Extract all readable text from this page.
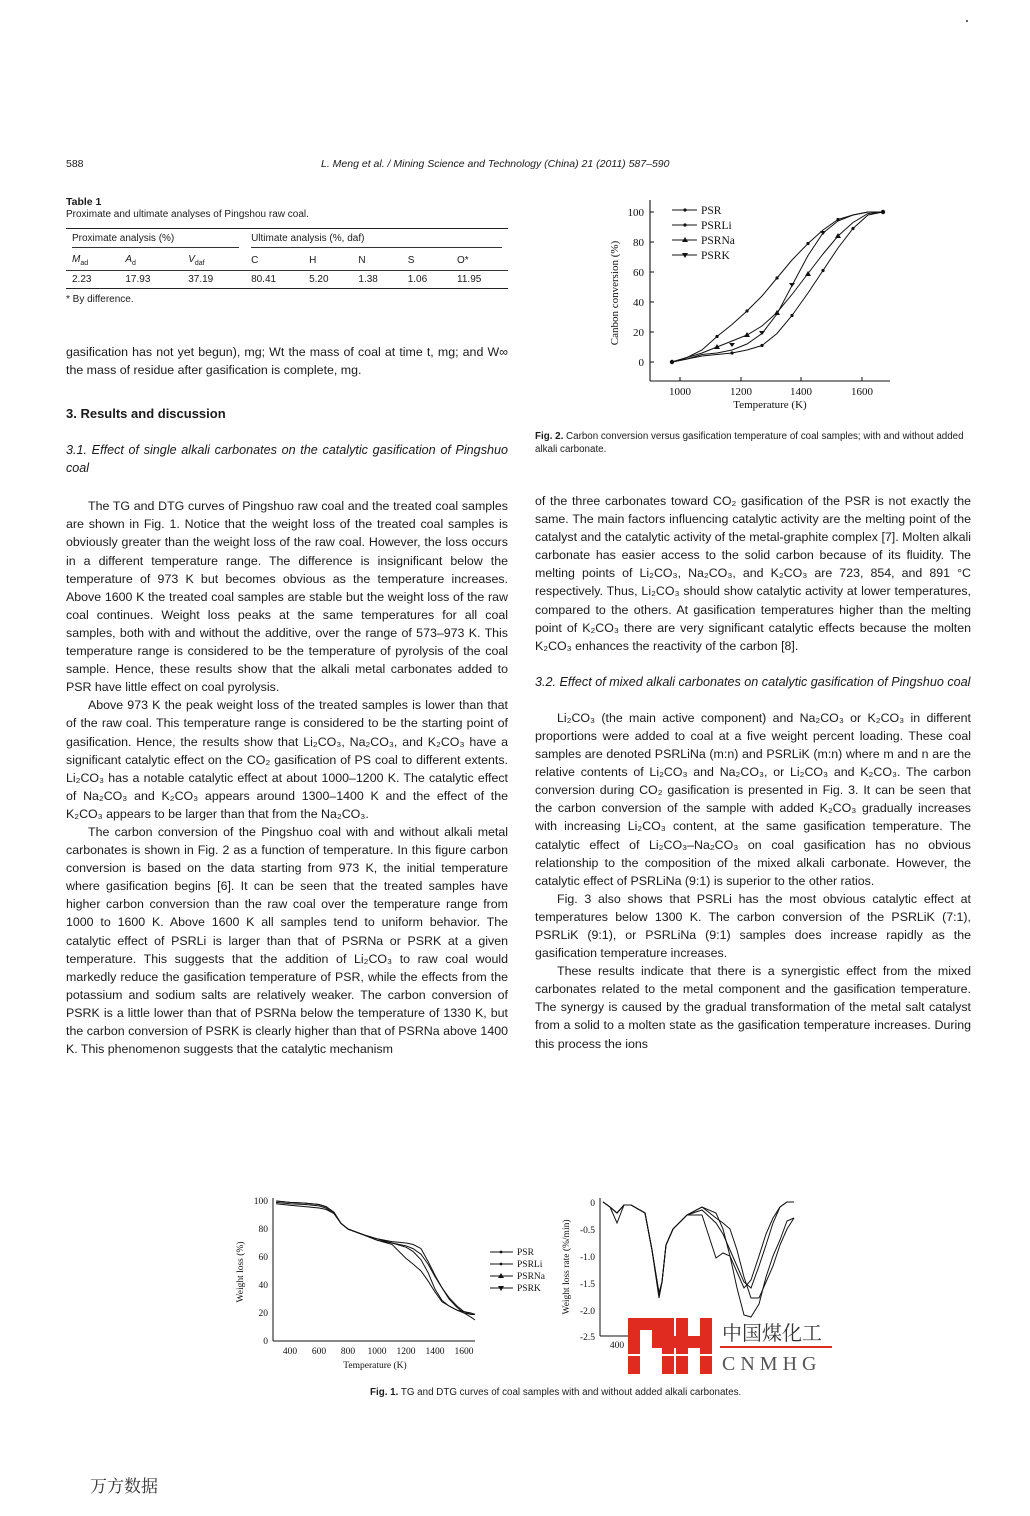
588	L. Meng et al. / Mining Science and Technology (China) 21 (2011) 587–590
Table 1
Proximate and ultimate analyses of Pingshou raw coal.
Proximate analysis (%)			Ultimate analysis (%, daf)				

$M_{ad}$	$A_d$	$V_{daf}$	C	H	N	S	O*
2.23	17.93	37.19	80.41	5.20	1.38	1.06	11.95
* By difference.

gasification has not yet begun), mg; Wt the mass of coal at time t, mg; and W∞ the mass of residue after gasification is complete, mg.

3. Results and discussion
3.1. Effect of single alkali carbonates on the catalytic gasification of Pingshuo coal

The TG and DTG curves of Pingshuo raw coal and the treated coal samples are shown in Fig. 1. Notice that the weight loss of the treated coal samples is obviously greater than the weight loss of the raw coal. However, the loss occurs in a different temperature range. The difference is insignificant below the temperature of 973 K but becomes obvious as the temperature increases. Above 1600 K the treated coal samples are stable but the weight loss of the raw coal continues. Weight loss peaks at the same temperatures for all coal samples, both with and without the additive, over the range of 573–973 K. This temperature range is considered to be the temperature of pyrolysis of the coal sample. Hence, these results show that the alkali metal carbonates added to PSR have little effect on coal pyrolysis.

Above 973 K the peak weight loss of the treated samples is lower than that of the raw coal. This temperature range is considered to be the starting point of gasification. Hence, the results show that Li₂CO₃, Na₂CO₃, and K₂CO₃ have a significant catalytic effect on the CO₂ gasification of PS coal to different extents. Li₂CO₃ has a notable catalytic effect at about 1000–1200 K. The catalytic effect of Na₂CO₃ and K₂CO₃ appears around 1300–1400 K and the effect of the K₂CO₃ appears to be larger than that from the Na₂CO₃.

The carbon conversion of the Pingshuo coal with and without alkali metal carbonates is shown in Fig. 2 as a function of temperature. In this figure carbon conversion is based on the data starting from 973 K, the initial temperature where gasification begins [6]. It can be seen that the treated samples have higher carbon conversion than the raw coal over the temperature range from 1000 to 1600 K. Above 1600 K all samples tend to uniform behavior. The catalytic effect of PSRLi is larger than that of PSRNa or PSRK at a given temperature. This suggests that the addition of Li₂CO₃ to raw coal would markedly reduce the gasification temperature of PSR, while the effects from the potassium and sodium salts are relatively weaker. The carbon conversion of PSRK is a little lower than that of PSRNa below the temperature of 1330 K, but the carbon conversion of PSRK is clearly higher than that of PSRNa above 1400 K. This phenomenon suggests that the catalytic mechanism

100
80
60
40
20
0
1000	1200	1400	1600
Temperature (K)
Canbon conversion (%)
PSR
PSRLi
PSRNa
PSRK
Fig. 2. Carbon conversion versus gasification temperature of coal samples; with and without added alkali carbonate.

of the three carbonates toward CO₂ gasification of the PSR is not exactly the same. The main factors influencing catalytic activity are the melting point of the catalyst and the catalytic activity of the metal-graphite complex [7]. Molten alkali carbonate has easier access to the solid carbon because of its fluidity. The melting points of Li₂CO₃, Na₂CO₃, and K₂CO₃ are 723, 854, and 891 °C respectively. Thus, Li₂CO₃ should show catalytic activity at lower temperatures, compared to the others. At gasification temperatures higher than the melting point of K₂CO₃ there are very significant catalytic effects because the molten K₂CO₃ enhances the reactivity of the carbon [8].

3.2. Effect of mixed alkali carbonates on catalytic gasification of Pingshuo coal

Li₂CO₃ (the main active component) and Na₂CO₃ or K₂CO₃ in different proportions were added to coal at a five weight percent loading. These coal samples are denoted PSRLiNa (m:n) and PSRLiK (m:n) where m and n are the relative contents of Li₂CO₃ and Na₂CO₃, or Li₂CO₃ and K₂CO₃. The carbon conversion during CO₂ gasification is presented in Fig. 3. It can be seen that the carbon conversion of the sample with added K₂CO₃ gradually increases with increasing Li₂CO₃ content, at the same gasification temperature. The catalytic effect of Li₂CO₃–Na₂CO₃ on coal gasification has no obvious relationship to the composition of the mixed alkali carbonate. However, the catalytic effect of PSRLiNa (9:1) is superior to the other ratios.

Fig. 3 also shows that PSRLi has the most obvious catalytic effect at temperatures below 1300 K. The carbon conversion of the PSRLiK (7:1), PSRLiK (9:1), or PSRLiNa (9:1) samples does increase rapidly as the gasification temperature increases.

These results indicate that there is a synergistic effect from the mixed carbonates related to the metal component and the gasification temperature. The synergy is caused by the gradual transformation of the metal salt catalyst from a solid to a molten state as the gasification temperature increases. During this process the ions

100
80
60
40
20
0
400 600 800 1000 1200 1400 1600
Temperature (K)
Weight loss (%)	PSR
PSRLi
PSRNa
PSRK
0
-0.5
-1.0
-1.5
-2.0
-2.5
400
Weight loss rate (%/min)
中国煤化工
CNMHG
Fig. 1. TG and DTG curves of coal samples with and without added alkali carbonates.
万方数据
